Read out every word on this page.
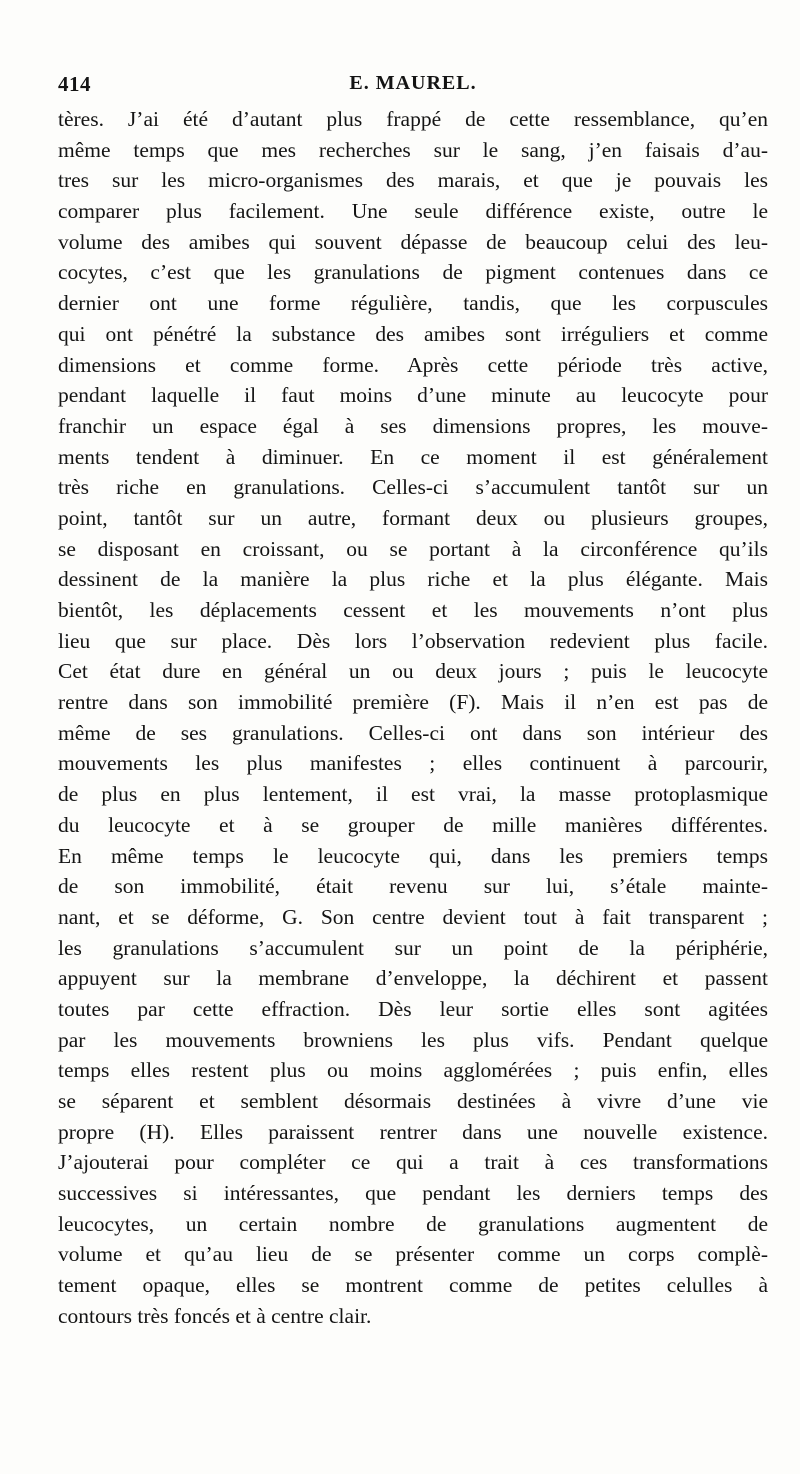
414	E. MAUREL.
tères. J’ai été d’autant plus frappé de cette ressemblance, qu’en
même temps que mes recherches sur le sang, j’en faisais d’au-
tres sur les micro-organismes des marais, et que je pouvais les
comparer plus facilement. Une seule différence existe, outre le
volume des amibes qui souvent dépasse de beaucoup celui des leu-
cocytes, c’est que les granulations de pigment contenues dans ce
dernier ont une forme régulière, tandis, que les corpuscules
qui ont pénétré la substance des amibes sont irréguliers et comme
dimensions et comme forme. Après cette période très active,
pendant laquelle il faut moins d’une minute au leucocyte pour
franchir un espace égal à ses dimensions propres, les mouve-
ments tendent à diminuer. En ce moment il est généralement
très riche en granulations. Celles-ci s’accumulent tantôt sur un
point, tantôt sur un autre, formant deux ou plusieurs groupes,
se disposant en croissant, ou se portant à la circonférence qu’ils
dessinent de la manière la plus riche et la plus élégante. Mais
bientôt, les déplacements cessent et les mouvements n’ont plus
lieu que sur place. Dès lors l’observation redevient plus facile.
Cet état dure en général un ou deux jours ; puis le leucocyte
rentre dans son immobilité première (F). Mais il n’en est pas de
même de ses granulations. Celles-ci ont dans son intérieur des
mouvements les plus manifestes ; elles continuent à parcourir,
de plus en plus lentement, il est vrai, la masse protoplasmique
du leucocyte et à se grouper de mille manières différentes.
En même temps le leucocyte qui, dans les premiers temps
de son immobilité, était revenu sur lui, s’étale mainte-
nant, et se déforme, G. Son centre devient tout à fait transparent ;
les granulations s’accumulent sur un point de la périphérie,
appuyent sur la membrane d’enveloppe, la déchirent et passent
toutes par cette effraction. Dès leur sortie elles sont agitées
par les mouvements browniens les plus vifs. Pendant quelque
temps elles restent plus ou moins agglomérées ; puis enfin, elles
se séparent et semblent désormais destinées à vivre d’une vie
propre (H). Elles paraissent rentrer dans une nouvelle existence.
J’ajouterai pour compléter ce qui a trait à ces transformations
successives si intéressantes, que pendant les derniers temps des
leucocytes, un certain nombre de granulations augmentent de
volume et qu’au lieu de se présenter comme un corps complè-
tement opaque, elles se montrent comme de petites celulles à
contours très foncés et à centre clair.
